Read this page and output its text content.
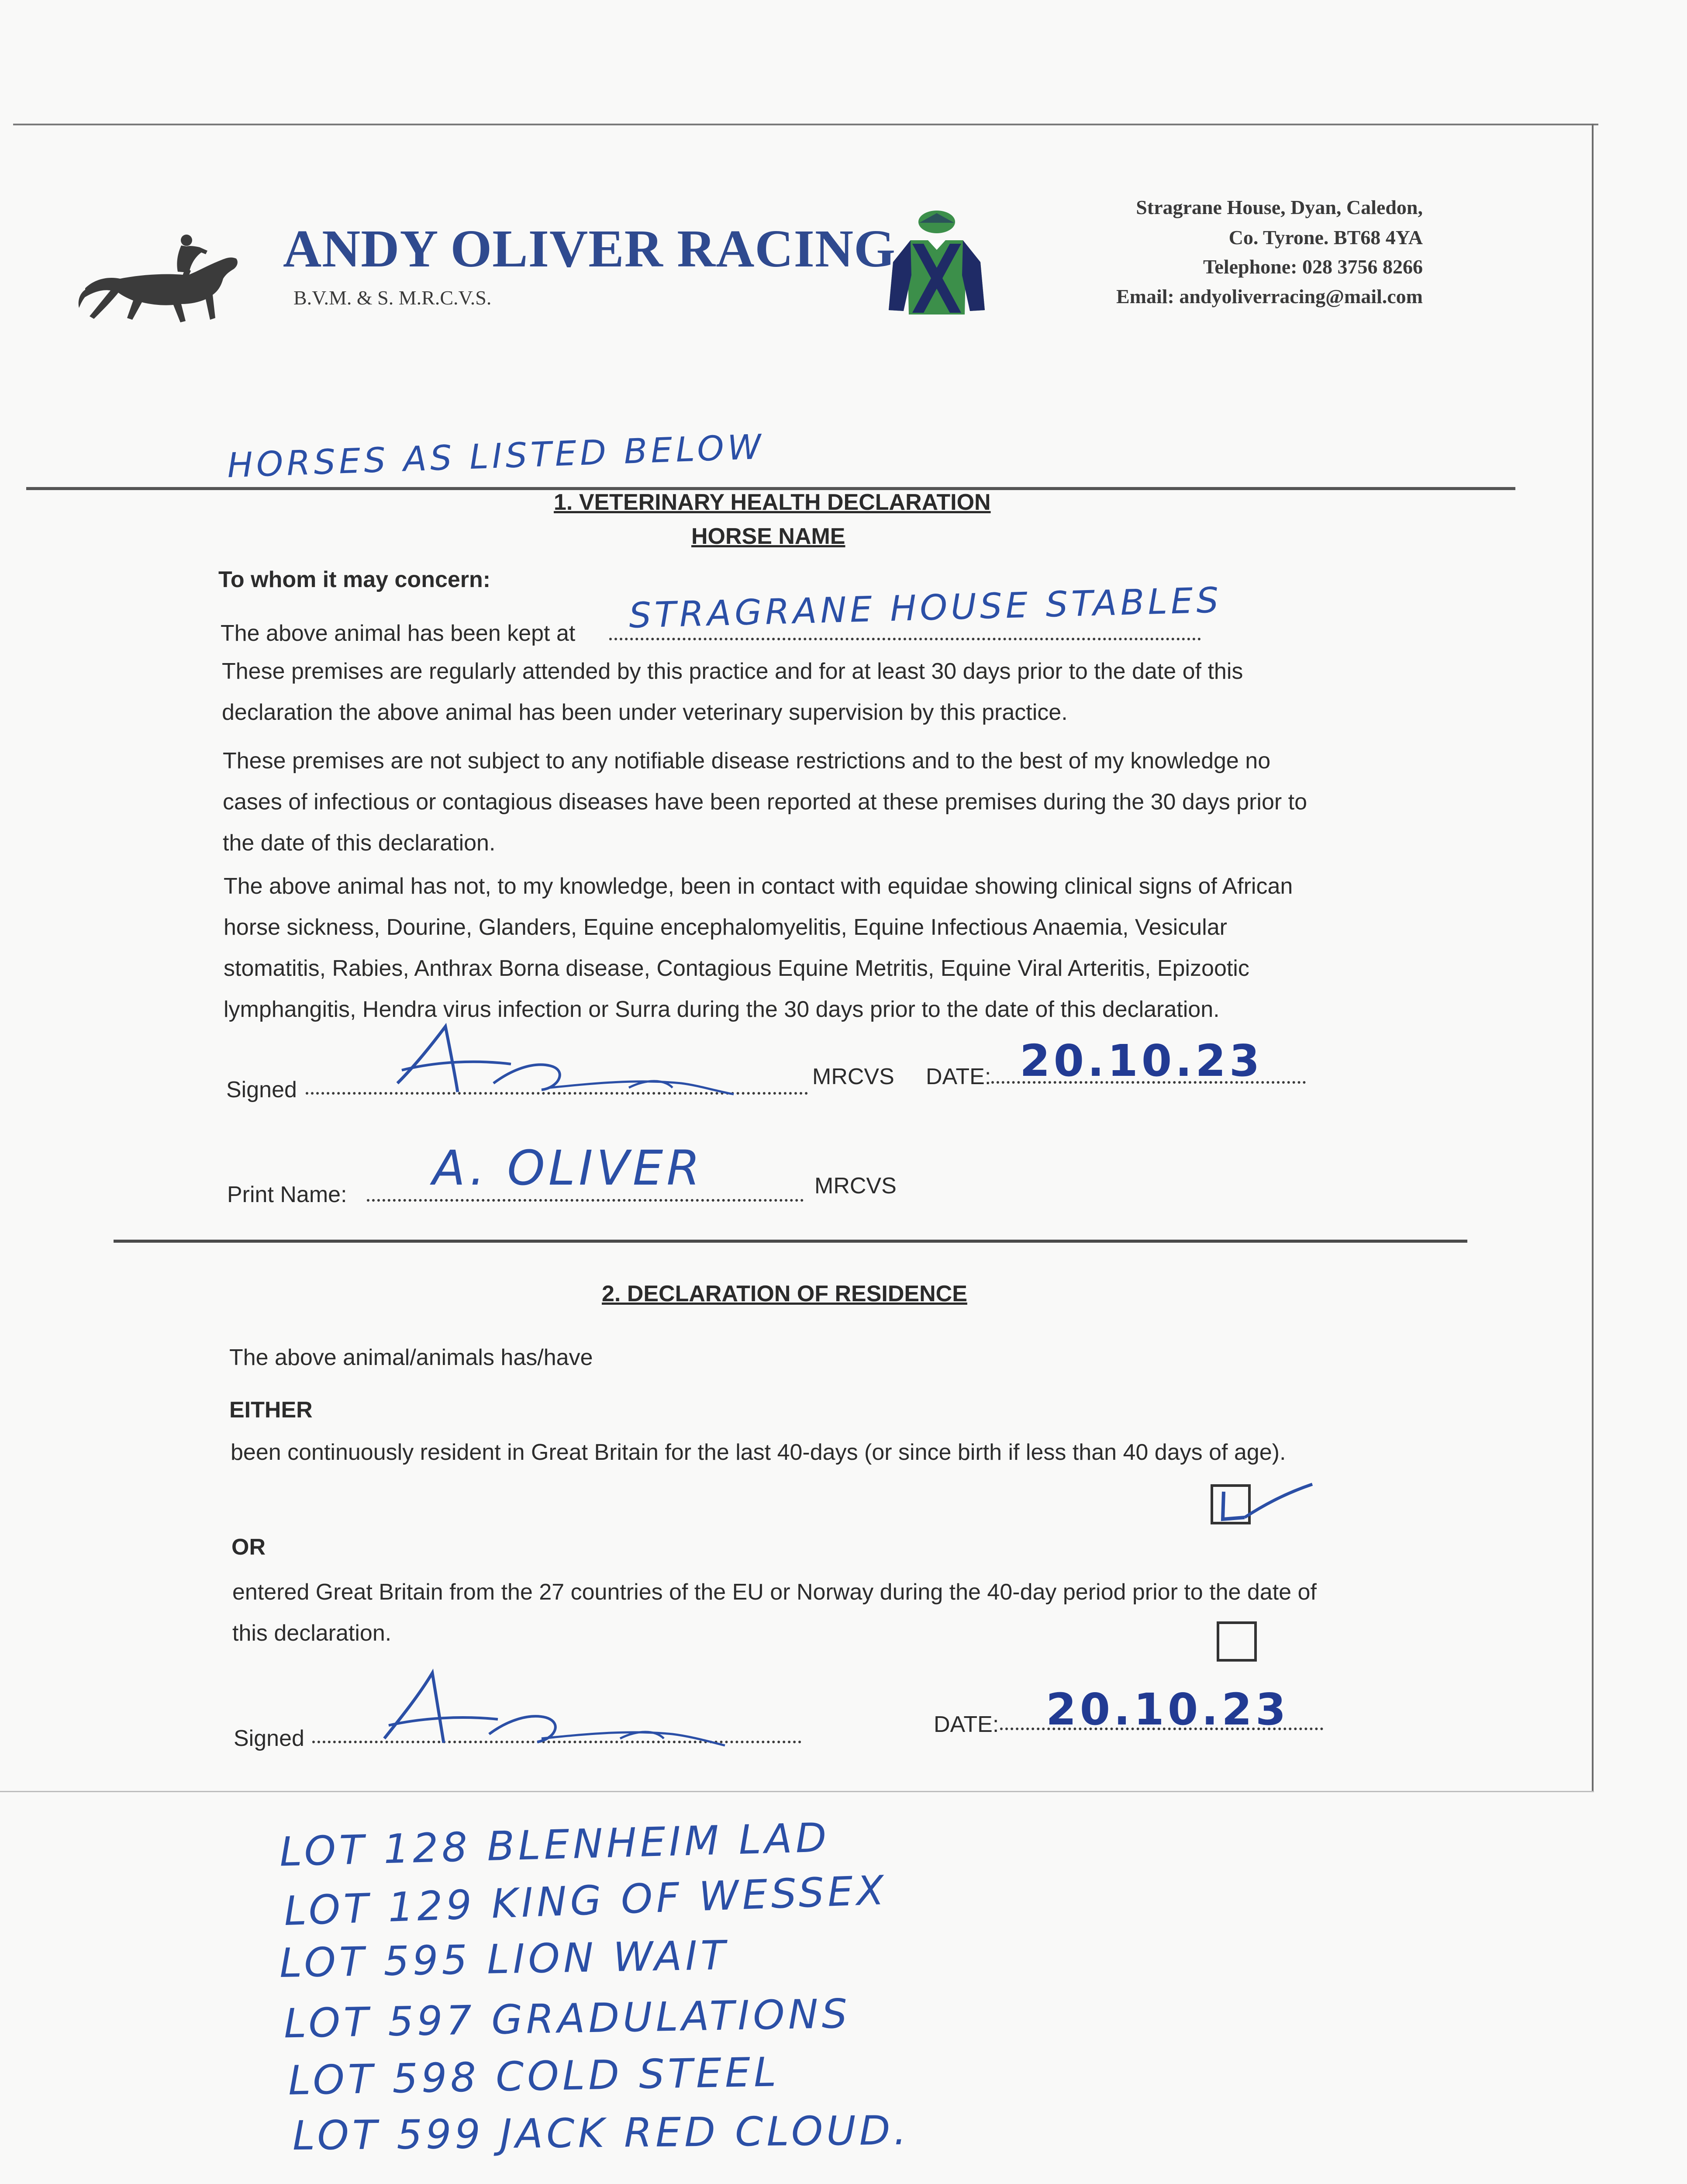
ANDY OLIVER RACING
B.V.M. & S. M.R.C.V.S.
Stragrane House, Dyan, Caledon,
Co. Tyrone. BT68 4YA
Telephone: 028 3756 8266
Email: andyoliverracing@mail.com
HORSES AS LISTED BELOW
1. VETERINARY HEALTH DECLARATION
HORSE NAME
To whom it may concern:
The above animal has been kept at STRAGRANE HOUSE STABLES
These premises are regularly attended by this practice and for at least 30 days prior to the date of this declaration the above animal has been under veterinary supervision by this practice.
These premises are not subject to any notifiable disease restrictions and to the best of my knowledge no cases of infectious or contagious diseases have been reported at these premises during the 30 days prior to the date of this declaration.
The above animal has not, to my knowledge, been in contact with equidae showing clinical signs of African horse sickness, Dourine, Glanders, Equine encephalomyelitis, Equine Infectious Anaemia, Vesicular stomatitis, Rabies, Anthrax Borna disease, Contagious Equine Metritis, Equine Viral Arteritis, Epizootic lymphangitis, Hendra virus infection or Surra during the 30 days prior to the date of this declaration.
Signed
MRCVS DATE: 20.10.23
Print Name: A. OLIVER	MRCVS
2. DECLARATION OF RESIDENCE
The above animal/animals has/have
EITHER
been continuously resident in Great Britain for the last 40-days (or since birth if less than 40 days of age).
OR
entered Great Britain from the 27 countries of the EU or Norway during the 40-day period prior to the date of this declaration.
Signed
DATE: 20.10.23
LOT 128 BLENHEIM LAD
LOT 129 KING OF WESSEX
LOT 595 LION WAIT
LOT 597 GRADULATIONS
LOT 598 COLD STEEL
LOT 599 JACK RED CLOUD.
